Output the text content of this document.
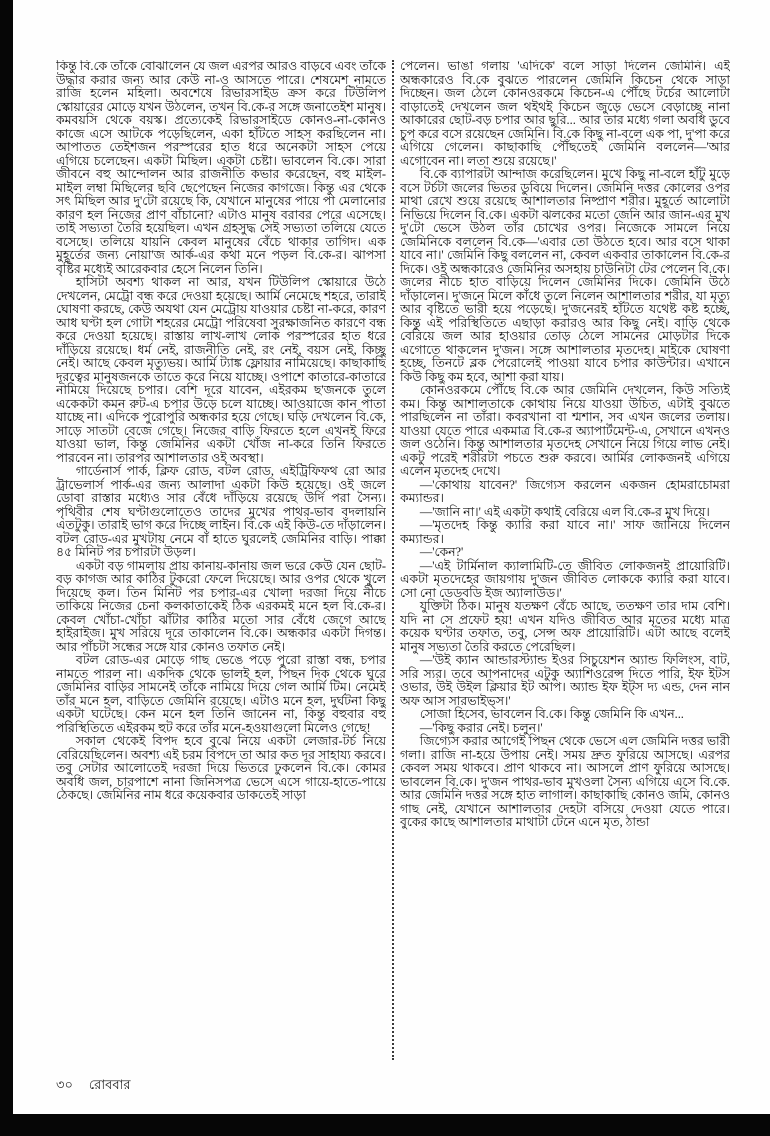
কিন্তু বি.কে তাঁকে বোঝালেন যে জল এরপর আরও বাড়বে এবং তাঁকে উদ্ধার করার জন্য আর কেউ না-ও আসতে পারে। শেষমেশ নামতে রাজি হলেন মহিলা। অবশেষে রিভারসাইড ক্রস করে টিউলিপ স্কোয়ারের মোড়ে যখন উঠলেন, তখন বি.কে-র সঙ্গে জনাতেইশ মানুষ। কমবয়সি থেকে বয়স্ক। প্রত্যেকেই রিভারসাইডে কোনও-না-কোনও কাজে এসে আটকে পড়েছিলেন, একা হাঁটতে সাহস করছিলেন না। আপাতত তেইশজন পরস্পরের হাত ধরে অনেকটা সাহস পেয়ে এগিয়ে চলেছেন। একটা মিছিল। একটা চেষ্টা। ভাবলেন বি.কে। সারা জীবনে বহু আন্দোলন আর রাজনীতি কভার করেছেন, বহু মাইল-মাইল লম্বা মিছিলের ছবি ছেপেছেন নিজের কাগজে। কিন্তু এর থেকে সৎ মিছিল আর দু'টো রয়েছে কি, যেখানে মানুষের পায়ে পা মেলানোর কারণ হল নিজের প্রাণ বাঁচানো? এটাও মানুষ বরাবর পেরে এসেছে। তাই সভ্যতা তৈরি হয়েছিল। এখন গ্রহসুদ্ধ সেই সভ্যতা তলিয়ে যেতে বসেছে। তলিয়ে যায়নি কেবল মানুষের বেঁচে থাকার তাগিদ। এক মুহূর্তের জন্য নোয়া'জ আর্ক-এর কথা মনে পড়ল বি.কে-র। ঝাপসা বৃষ্টির মধ্যেই আরেকবার হেসে নিলেন তিনি।

হাসিটা অবশ্য থাকল না আর, যখন টিউলিপ স্কোয়ারে উঠে দেখলেন, মেট্রো বন্ধ করে দেওয়া হয়েছে। আর্মি নেমেছে শহরে, তারাই ঘোষণা করছে, কেউ অযথা যেন মেট্রোয় যাওয়ার চেষ্টা না-করে, কারণ আধ ঘণ্টা হল গোটা শহরের মেট্রো পরিষেবা সুরক্ষাজনিত কারণে বন্ধ করে দেওয়া হয়েছে। রাস্তায় লাখ-লাখ লোক পরস্পরের হাত ধরে দাঁড়িয়ে রয়েছে। ধর্ম নেই, রাজনীতি নেই, রং নেই, বয়স নেই, কিচ্ছু নেই। আছে কেবল মৃত্যুভয়। আর্মি ট্যাঙ্ক ফ্লোয়ার নামিয়েছে। কাছাকাছি দূরত্বের মানুষজনকে তাতে করে নিয়ে যাচ্ছে। ওপাশে কাতারে-কাতারে নামিয়ে দিয়েছে চপার। বেশি দূরে যাবেন, এইরকম ছ'জনকে তুলে একেকটা কমন রুট-এ চপার উড়ে চলে যাচ্ছে। আওয়াজে কান পাতা যাচ্ছে না। এদিকে পুরোপুরি অন্ধকার হয়ে গেছে। ঘড়ি দেখলেন বি.কে, সাড়ে সাতটা বেজে গেছে। নিজের বাড়ি ফিরতে হলে এখনই ফিরে যাওয়া ভাল, কিন্তু জেমিনির একটা খোঁজ না-করে তিনি ফিরতে পারবেন না। তারপর আশালতার ওই অবস্থা।

গার্ডেনার্স পার্ক, ক্লিফ রোড, বটল রোড, এইট্রিফিফথ রো আর ট্রাভেলার্স পার্ক-এর জন্য আলাদা একটা কিউ হয়েছে। ওই জলে ডোবা রাস্তার মধ্যেও সার বেঁধে দাঁড়িয়ে রয়েছে উর্দি পরা সৈন্য। পৃথিবীর শেষ ঘণ্টাগুলোতেও তাদের মুখের পাথর-ভাব বদলায়নি এতটুকু। তারাই ভাগ করে দিচ্ছে লাইন। বি.কে এই কিউ-তে দাঁড়ালেন। বটল রোড-এর মুখটায় নেমে বাঁ হাতে ঘুরলেই জেমিনির বাড়ি। পাক্কা ৪৫ মিনিট পর চপারটা উড়ল।

একটা বড় গামলায় প্রায় কানায়-কানায় জল ভরে কেউ যেন ছোট-বড় কাগজ আর কাঠির টুকরো ফেলে দিয়েছে। আর ওপর থেকে খুলে দিয়েছে কল। তিন মিনিট পর চপার-এর খোলা দরজা দিয়ে নীচে তাকিয়ে নিজের চেনা কলকাতাকেই ঠিক এরকমই মনে হল বি.কে-র। কেবল খোঁচা-খোঁচা ঝাঁটার কাঠির মতো সার বেঁধে জেগে আছে হাইরাইজ। মুখ সরিয়ে দূরে তাকালেন বি.কে। অন্ধকার একটা দিগন্ত। আর পাঁচটা সন্ধের সঙ্গে যার কোনও তফাত নেই।

বটল রোড-এর মোড়ে গাছ ভেঙে পড়ে পুরো রাস্তা বন্ধ, চপার নামতে পারল না। একদিক থেকে ভালই হল, পিছন দিক থেকে ঘুরে জেমিনির বাড়ির সামনেই তাঁকে নামিয়ে দিয়ে গেল আর্মি টিম। নেমেই তাঁর মনে হল, বাড়িতে জেমিনি রয়েছে। এটাও মনে হল, দুর্ঘটনা কিছু একটা ঘটেছে। কেন মনে হল তিনি জানেন না, কিন্তু বহুবার বহু পরিস্থিতিতে এইরকম হুট করে তাঁর মনে-হওয়াগুলো মিলেও গেছে!

সকাল থেকেই বিপদ হবে বুঝে নিয়ে একটা লেজার-টর্চ নিয়ে বেরিয়েছিলেন। অবশ্য এই চরম বিপদে তা আর কত দূর সাহায্য করবে। তবু সেটার আলোতেই দরজা দিয়ে ভিতরে ঢুকলেন বি.কে। কোমর অবধি জল, চারপাশে নানা জিনিসপত্র ভেসে এসে গায়ে-হাতে-পায়ে ঠেকছে। জেমিনির নাম ধরে কয়েকবার ডাকতেই সাড়া

পেলেন। ভাঙা গলায় 'এদিকে' বলে সাড়া দিলেন জেমিনি। এই অন্ধকারেও বি.কে বুঝতে পারলেন জেমিনি কিচেন থেকে সাড়া দিচ্ছেন। জল ঠেলে কোনওরকমে কিচেন-এ পৌঁছে টর্চের আলোটা বাড়াতেই দেখলেন জল থইথই কিচেন জুড়ে ভেসে বেড়াচ্ছে নানা আকারের ছোট-বড় চপার আর ছুরি... আর তার মধ্যে গলা অবধি ডুবে চুপ করে বসে রয়েছেন জেমিনি। বি.কে কিছু না-বলে এক পা, দু'পা করে এগিয়ে গেলেন। কাছাকাছি পৌঁছতেই জেমিনি বললেন—'আর এগোবেন না। লতা শুয়ে রয়েছে।'

বি.কে ব্যাপারটা আন্দাজ করেছিলেন। মুখে কিছু না-বলে হাঁটু মুড়ে বসে টর্চটা জলের ভিতর ডুবিয়ে দিলেন। জেমিনি দত্তর কোলের ওপর মাথা রেখে শুয়ে রয়েছে আশালতার নিষ্প্রাণ শরীর। মুহূর্তে আলোটা নিভিয়ে দিলেন বি.কে। একটা ঝলকের মতো জেনি আর জান-এর মুখ দু'টো ভেসে উঠল তাঁর চোখের ওপর। নিজেকে সামলে নিয়ে জেমিনিকে বললেন বি.কে—'এবার তো উঠতে হবে। আর বসে থাকা যাবে না।' জেমিনি কিছু বললেন না, কেবল একবার তাকালেন বি.কে-র দিকে। ওই অন্ধকারেও জেমিনির অসহায় চাউনিটা টের পেলেন বি.কে। জলের নীচে হাত বাড়িয়ে দিলেন জেমিনির দিকে। জেমিনি উঠে দাঁড়ালেন। দু'জনে মিলে কাঁধে তুলে নিলেন আশালতার শরীর, যা মৃত্যু আর বৃষ্টিতে ভারী হয়ে পড়েছে। দু'জনেরই হাঁটতে যথেষ্ট কষ্ট হচ্ছে, কিন্তু এই পরিস্থিতিতে এছাড়া করারও আর কিছু নেই। বাড়ি থেকে বেরিয়ে জল আর হাওয়ার তোড় ঠেলে সামনের মোড়টার দিকে এগোতে থাকলেন দু'জন। সঙ্গে আশালতার মৃতদেহ। মাইকে ঘোষণা হচ্ছে, তিনটে ব্লক পেরোলেই পাওয়া যাবে চপার কাউন্টার। এখানে কিউ কিছু কম হবে, আশা করা যায়।

কোনওরকমে পৌঁছে বি.কে আর জেমিনি দেখলেন, কিউ সত্যিই কম। কিন্তু আশালতাকে কোথায় নিয়ে যাওয়া উচিত, এটাই বুঝতে পারছিলেন না তাঁরা। কবরখানা বা শ্মশান, সব এখন জলের তলায়। যাওয়া যেতে পারে একমাত্র বি.কে-র অ্যাপার্টমেন্ট-এ, সেখানে এখনও জল ওঠেনি। কিন্তু আশালতার মৃতদেহ সেখানে নিয়ে গিয়ে লাভ নেই। একটু পরেই শরীরটা পচতে শুরু করবে। আর্মির লোকজনই এগিয়ে এলেন মৃতদেহ দেখে।

—'কোথায় যাবেন?' জিগ্যেস করলেন একজন হোমরাচোমরা কম্যান্ডর।

—'জানি না।' এই একটা কথাই বেরিয়ে এল বি.কে-র মুখ দিয়ে।

—'মৃতদেহ কিন্তু ক্যারি করা যাবে না।' সাফ জানিয়ে দিলেন কম্যান্ডর।

—'কেন?'

—'এই টার্মিনাল ক্যালামিটি-তে জীবিত লোকজনই প্রায়োরিটি। একটা মৃতদেহের জায়গায় দু'জন জীবিত লোককে ক্যারি করা যাবে। সো নো ডেডবডি ইজ অ্যালাউড।'

যুক্তিটা ঠিক। মানুষ যতক্ষণ বেঁচে আছে, ততক্ষণ তার দাম বেশি। যদি না সে প্রফেট হয়! এখন যদিও জীবিত আর মৃতের মধ্যে মাত্র কয়েক ঘণ্টার তফাত, তবু, সেন্স অফ প্রায়োরিটি। এটা আছে বলেই মানুষ সভ্যতা তৈরি করতে পেরেছিল।

—'উই ক্যান আন্ডারস্ট্যান্ড ইওর সিচুয়েশন অ্যান্ড ফিলিংস, বাট, সরি স্যর। তবে আপনাদের এটুকু অ্যাশিওরেন্স দিতে পারি, ইফ ইটস ওভার, উই উইল ক্লিয়ার ইট আপ। অ্যান্ড ইফ ইট্‌স দ্য এন্ড, দেন নান অফ আস সারভাইভ্স।'

সোজা হিসেব, ভাবলেন বি.কে। কিন্তু জেমিনি কি এখন...

—'কিছু করার নেই। চলুন।'

জিগ্যেস করার আগেই পিছন থেকে ভেসে এল জেমিনি দত্তর ভারী গলা। রাজি না-হয়ে উপায় নেই। সময় দ্রুত ফুরিয়ে আসছে। এরপর কেবল সময় থাকবে। প্রাণ থাকবে না। আসলে প্রাণ ফুরিয়ে আসছে। ভাবলেন বি.কে। দু'জন পাথর-ভাব মুখওলা সৈন্য এগিয়ে এসে বি.কে. আর জেমিনি দত্তর সঙ্গে হাত লাগাল। কাছাকাছি কোনও জমি, কোনও গাছ নেই, যেখানে আশালতার দেহটা বসিয়ে দেওয়া যেতে পারে। বুকের কাছে আশালতার মাথাটা টেনে এনে মৃত, ঠান্ডা

৩০ রোববার
